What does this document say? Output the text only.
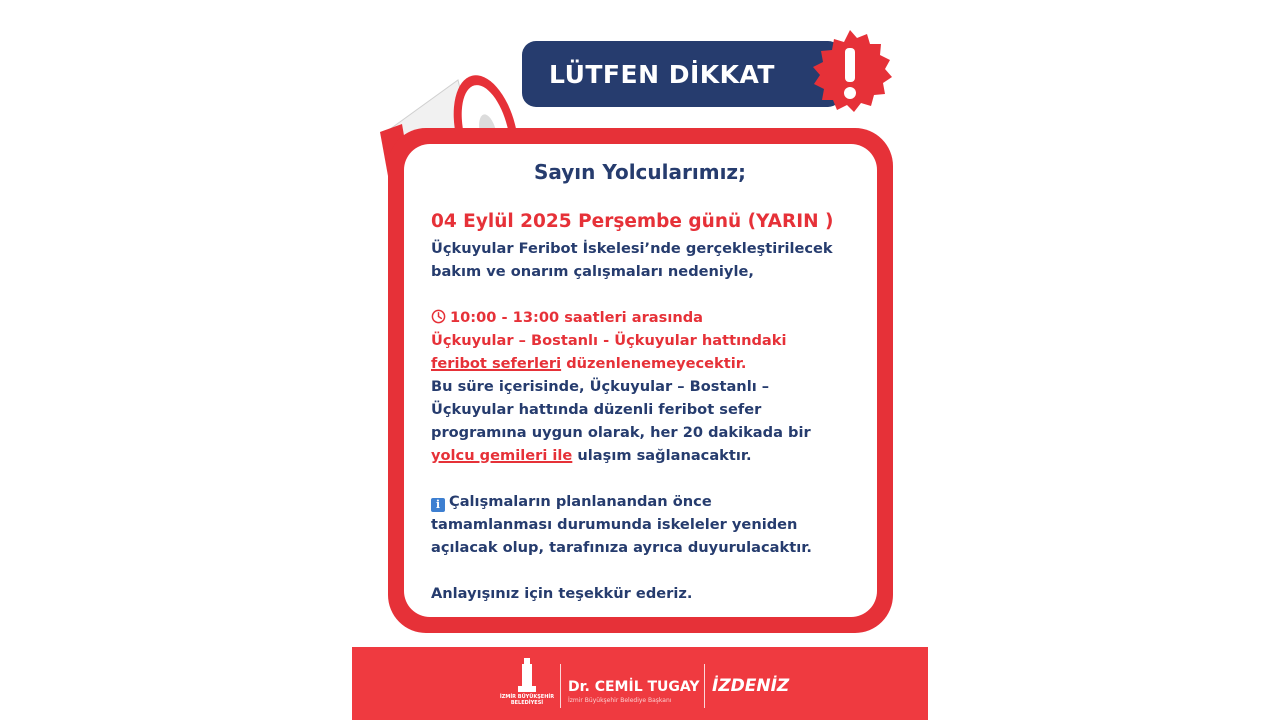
LÜTFEN DİKKAT
Sayın Yolcularımız;
04 Eylül 2025 Perşembe günü (YARIN )
Üçkuyular Feribot İskelesi’nde gerçekleştirilecek
bakım ve onarım çalışmaları nedeniyle,
10:00 - 13:00 saatleri arasında
Üçkuyular – Bostanlı - Üçkuyular hattındaki
feribot seferleri düzenlenemeyecektir.
Bu süre içerisinde, Üçkuyular – Bostanlı –
Üçkuyular hattında düzenli feribot sefer
programına uygun olarak, her 20 dakikada bir
yolcu gemileri ile ulaşım sağlanacaktır.
i Çalışmaların planlanandan önce
tamamlanması durumunda iskeleler yeniden
açılacak olup, tarafınıza ayrıca duyurulacaktır.
Anlayışınız için teşekkür ederiz.
İZMİR BÜYÜKŞEHİR BELEDİYESİ
Dr. CEMİL TUGAY
İzmir Büyükşehir Belediye Başkanı
İZDENİZ
